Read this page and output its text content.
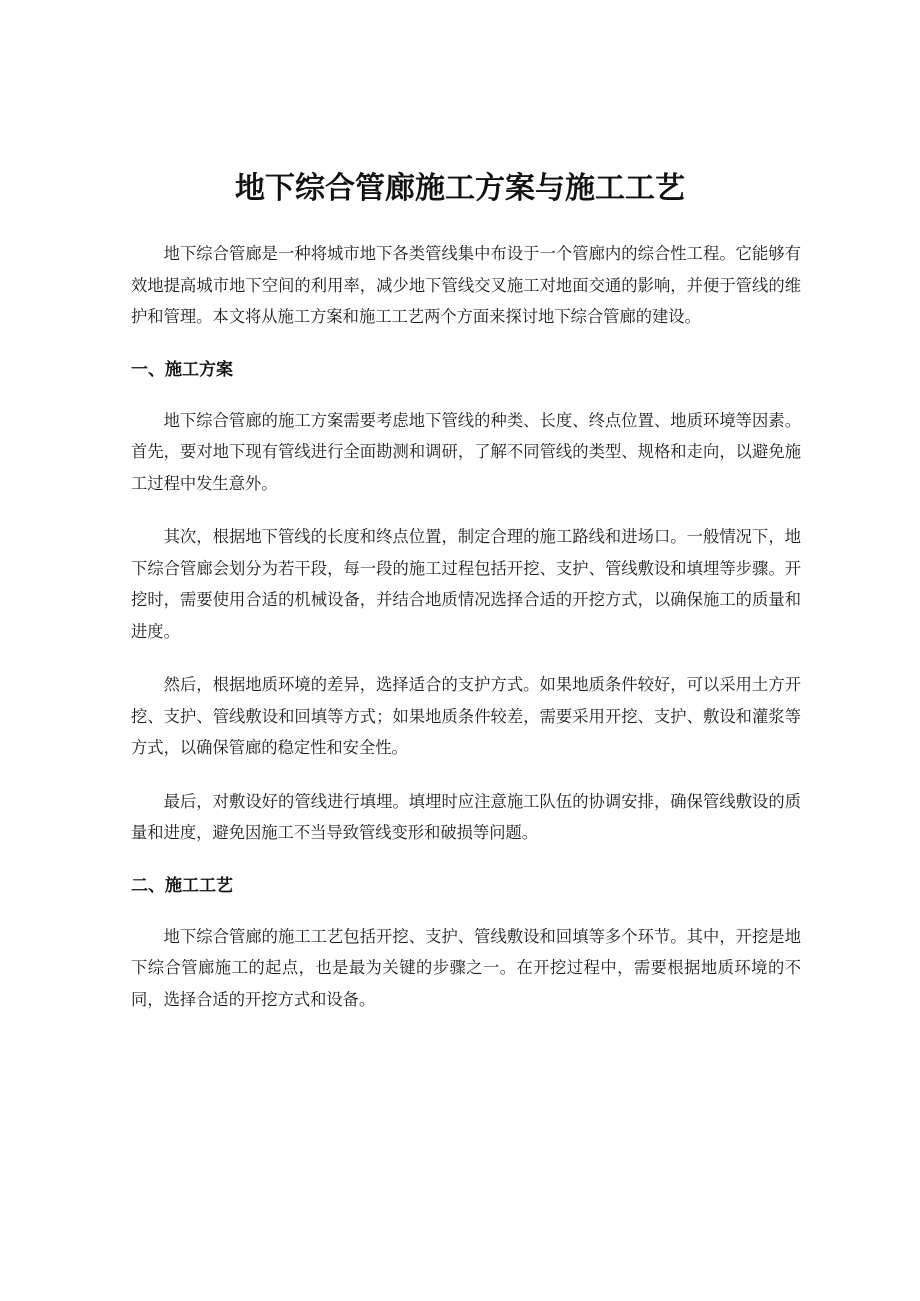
地下综合管廊施工方案与施工工艺

地下综合管廊是一种将城市地下各类管线集中布设于一个管廊内的综合性工程。它能够有效地提高城市地下空间的利用率，减少地下管线交叉施工对地面交通的影响，并便于管线的维护和管理。本文将从施工方案和施工工艺两个方面来探讨地下综合管廊的建设。

一、施工方案

地下综合管廊的施工方案需要考虑地下管线的种类、长度、终点位置、地质环境等因素。首先，要对地下现有管线进行全面勘测和调研，了解不同管线的类型、规格和走向，以避免施工过程中发生意外。

其次，根据地下管线的长度和终点位置，制定合理的施工路线和进场口。一般情况下，地下综合管廊会划分为若干段，每一段的施工过程包括开挖、支护、管线敷设和填埋等步骤。开挖时，需要使用合适的机械设备，并结合地质情况选择合适的开挖方式，以确保施工的质量和进度。

然后，根据地质环境的差异，选择适合的支护方式。如果地质条件较好，可以采用土方开挖、支护、管线敷设和回填等方式；如果地质条件较差，需要采用开挖、支护、敷设和灌浆等方式，以确保管廊的稳定性和安全性。

最后，对敷设好的管线进行填埋。填埋时应注意施工队伍的协调安排，确保管线敷设的质量和进度，避免因施工不当导致管线变形和破损等问题。

二、施工工艺

地下综合管廊的施工工艺包括开挖、支护、管线敷设和回填等多个环节。其中，开挖是地下综合管廊施工的起点，也是最为关键的步骤之一。在开挖过程中，需要根据地质环境的不同，选择合适的开挖方式和设备。
